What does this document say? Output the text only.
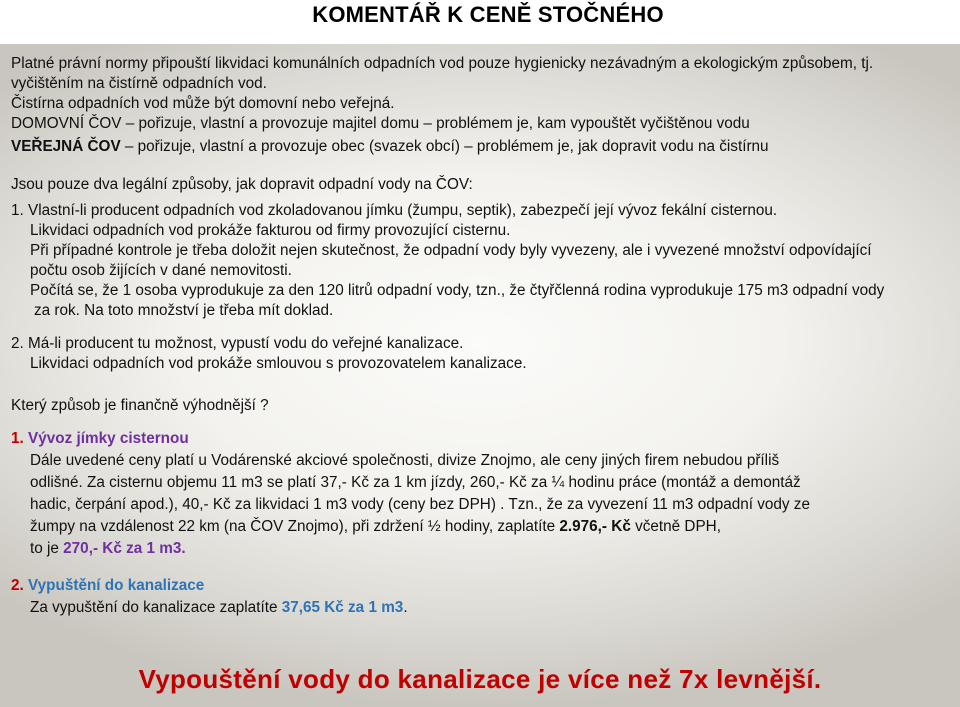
KOMENTÁŘ K CENĚ STOČNÉHO
Platné právní normy připouští likvidaci komunálních odpadních vod pouze hygienicky nezávadným a ekologickým způsobem, tj.
vyčištěním na čistírně odpadních vod.
Čistírna odpadních vod může být domovní nebo veřejná.
DOMOVNÍ ČOV – pořizuje, vlastní a provozuje majitel domu – problémem je, kam vypouštět vyčištěnou vodu
VEŘEJNÁ ČOV – pořizuje, vlastní a provozuje obec (svazek obcí) – problémem je, jak dopravit vodu na čistírnu
Jsou pouze dva legální způsoby, jak dopravit odpadní vody na ČOV:
1. Vlastní-li producent odpadních vod zkoladovanou jímku (žumpu, septik), zabezpečí její vývoz fekální cisternou.
Likvidaci odpadních vod prokáže fakturou od firmy provozující cisternu.
Při případné kontrole je třeba doložit nejen skutečnost, že odpadní vody byly vyvezeny, ale i vyvezené množství odpovídající
počtu osob žijících v dané nemovitosti.
Počítá se, že 1 osoba vyprodukuje za den 120 litrů odpadní vody, tzn., že čtyřčlenná rodina vyprodukuje 175 m3 odpadní vody
za rok. Na toto množství je třeba mít doklad.
2. Má-li producent tu možnost, vypustí vodu do veřejné kanalizace.
Likvidaci odpadních vod prokáže smlouvou s provozovatelem kanalizace.
Který způsob je finančně výhodnější ?
1. Vývoz jímky cisternou
Dále uvedené ceny platí u Vodárenské akciové společnosti, divize Znojmo, ale ceny jiných firem nebudou příliš
odlišné. Za cisternu objemu 11 m3 se platí 37,- Kč za 1 km jízdy, 260,- Kč za ¼ hodinu práce (montáž a demontáž
hadic, čerpání apod.), 40,- Kč za likvidaci 1 m3 vody (ceny bez DPH) . Tzn., že za vyvezení 11 m3 odpadní vody ze
žumpy na vzdálenost 22 km (na ČOV Znojmo), při zdržení ½ hodiny, zaplatíte 2.976,- Kč včetně DPH,
to je 270,- Kč za 1 m3.
2. Vypuštění do kanalizace
Za vypuštění do kanalizace zaplatíte 37,65 Kč za 1 m3.
Vypouštění vody do kanalizace je více než 7x levnější.
